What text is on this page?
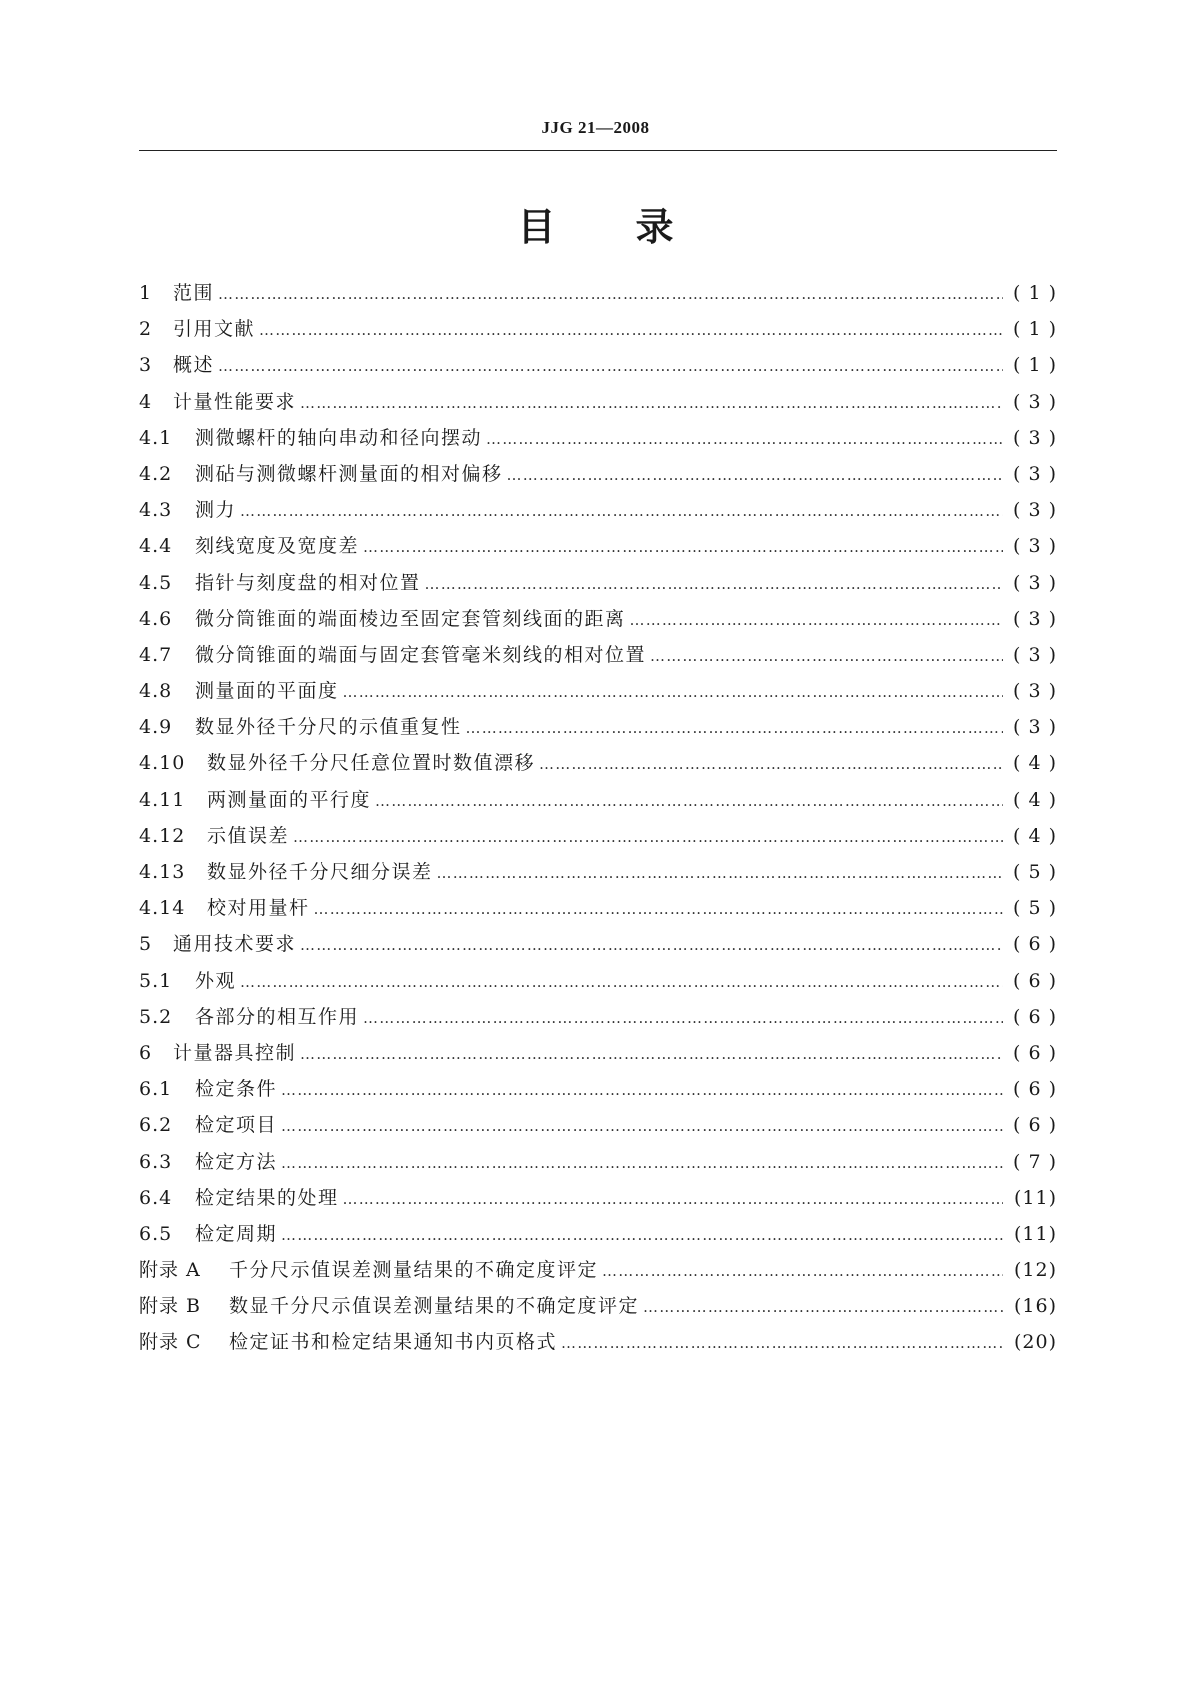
JJG 21—2008
目录
1	范围 ……………………………………………………………………………………………………………………………………………………………………………………………………………………	( 1 )
2	引用文献 ……………………………………………………………………………………………………………………………………………………………………………………………………………………	( 1 )
3	概述 ……………………………………………………………………………………………………………………………………………………………………………………………………………………	( 1 )
4	计量性能要求 ……………………………………………………………………………………………………………………………………………………………………………………………………………………	( 3 )
4.1	测微螺杆的轴向串动和径向摆动 ……………………………………………………………………………………………………………………………………………………………………………………………………………………	( 3 )
4.2	测砧与测微螺杆测量面的相对偏移 ……………………………………………………………………………………………………………………………………………………………………………………………………………………	( 3 )
4.3	测力 ……………………………………………………………………………………………………………………………………………………………………………………………………………………	( 3 )
4.4	刻线宽度及宽度差 ……………………………………………………………………………………………………………………………………………………………………………………………………………………	( 3 )
4.5	指针与刻度盘的相对位置 ……………………………………………………………………………………………………………………………………………………………………………………………………………………	( 3 )
4.6	微分筒锥面的端面棱边至固定套管刻线面的距离 ……………………………………………………………………………………………………………………………………………………………………………………………………………………	( 3 )
4.7	微分筒锥面的端面与固定套管毫米刻线的相对位置 ……………………………………………………………………………………………………………………………………………………………………………………………………………………	( 3 )
4.8	测量面的平面度 ……………………………………………………………………………………………………………………………………………………………………………………………………………………	( 3 )
4.9	数显外径千分尺的示值重复性 ……………………………………………………………………………………………………………………………………………………………………………………………………………………	( 3 )
4.10	数显外径千分尺任意位置时数值漂移 ……………………………………………………………………………………………………………………………………………………………………………………………………………………	( 4 )
4.11	两测量面的平行度 ……………………………………………………………………………………………………………………………………………………………………………………………………………………	( 4 )
4.12	示值误差 ……………………………………………………………………………………………………………………………………………………………………………………………………………………	( 4 )
4.13	数显外径千分尺细分误差 ……………………………………………………………………………………………………………………………………………………………………………………………………………………	( 5 )
4.14	校对用量杆 ……………………………………………………………………………………………………………………………………………………………………………………………………………………	( 5 )
5	通用技术要求 ……………………………………………………………………………………………………………………………………………………………………………………………………………………	( 6 )
5.1	外观 ……………………………………………………………………………………………………………………………………………………………………………………………………………………	( 6 )
5.2	各部分的相互作用 ……………………………………………………………………………………………………………………………………………………………………………………………………………………	( 6 )
6	计量器具控制 ……………………………………………………………………………………………………………………………………………………………………………………………………………………	( 6 )
6.1	检定条件 ……………………………………………………………………………………………………………………………………………………………………………………………………………………	( 6 )
6.2	检定项目 ……………………………………………………………………………………………………………………………………………………………………………………………………………………	( 6 )
6.3	检定方法 ……………………………………………………………………………………………………………………………………………………………………………………………………………………	( 7 )
6.4	检定结果的处理 ……………………………………………………………………………………………………………………………………………………………………………………………………………………	(11)
6.5	检定周期 ……………………………………………………………………………………………………………………………………………………………………………………………………………………	(11)
附录 A	千分尺示值误差测量结果的不确定度评定 ……………………………………………………………………………………………………………………………………………………………………………………………………………………	(12)
附录 B	数显千分尺示值误差测量结果的不确定度评定 ……………………………………………………………………………………………………………………………………………………………………………………………………………………	(16)
附录 C	检定证书和检定结果通知书内页格式 ……………………………………………………………………………………………………………………………………………………………………………………………………………………	(20)
